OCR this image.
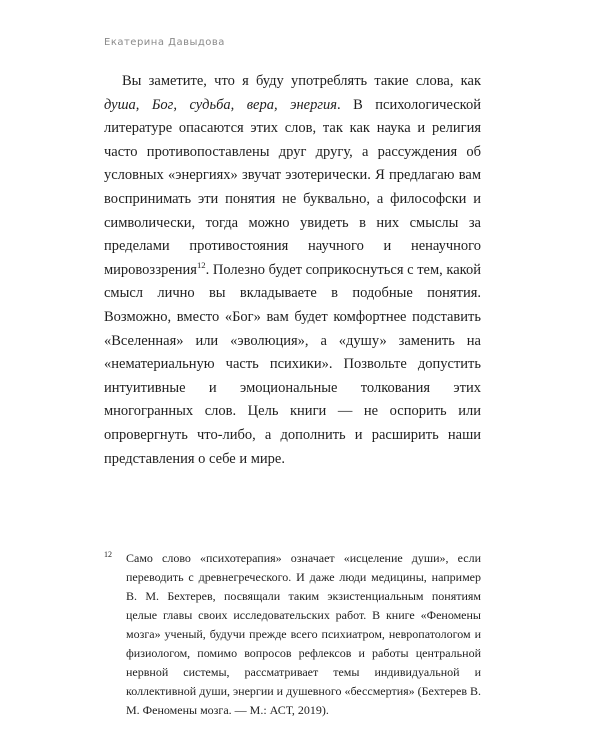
Екатерина Давыдова

Вы заметите, что я буду употреблять такие слова, как душа, Бог, судьба, вера, энергия. В психологической литературе опасаются этих слов, так как наука и религия часто противопоставлены друг другу, а рассуждения об условных «энергиях» звучат эзотерически. Я предлагаю вам воспринимать эти понятия не буквально, а философски и символически, тогда можно увидеть в них смыслы за пределами противостояния научного и ненаучного мировоззрения$^{12}$. Полезно будет соприкоснуться с тем, какой смысл лично вы вкладываете в подобные понятия. Возможно, вместо «Бог» вам будет комфортнее подставить «Вселенная» или «эволюция», а «душу» заменить на «нематериальную часть психики». Позвольте допустить интуитивные и эмоциональные толкования этих многогранных слов. Цель книги — не оспорить или опровергнуть что-либо, а дополнить и расширить наши представления о себе и мире.

12 Само слово «психотерапия» означает «исцеление души», если переводить с древнегреческого. И даже люди медицины, например В. М. Бехтерев, посвящали таким экзистенциальным понятиям целые главы своих исследовательских работ. В книге «Феномены мозга» ученый, будучи прежде всего психиатром, невропатологом и физиологом, помимо вопросов рефлексов и работы центральной нервной системы, рассматривает темы индивидуальной и коллективной души, энергии и душевного «бессмертия» (Бехтерев В. М. Феномены мозга. — М.: АСТ, 2019).
